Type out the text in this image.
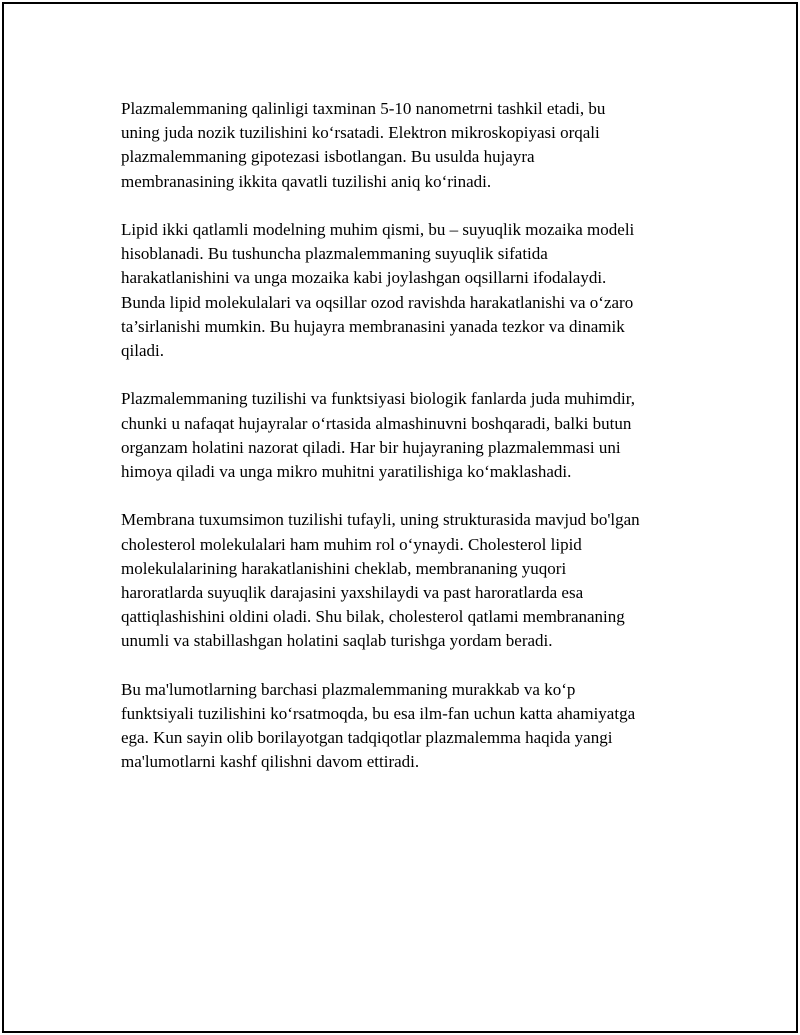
Plazmalemmaning qalinligi taxminan 5-10 nanometrni tashkil etadi, bu
uning juda nozik tuzilishini ko‘rsatadi. Elektron mikroskopiyasi orqali
plazmalemmaning gipotezasi isbotlangan. Bu usulda hujayra
membranasining ikkita qavatli tuzilishi aniq ko‘rinadi.

Lipid ikki qatlamli modelning muhim qismi, bu – suyuqlik mozaika modeli
hisoblanadi. Bu tushuncha plazmalemmaning suyuqlik sifatida
harakatlanishini va unga mozaika kabi joylashgan oqsillarni ifodalaydi.
Bunda lipid molekulalari va oqsillar ozod ravishda harakatlanishi va o‘zaro
ta’sirlanishi mumkin. Bu hujayra membranasini yanada tezkor va dinamik
qiladi.

Plazmalemmaning tuzilishi va funktsiyasi biologik fanlarda juda muhimdir,
chunki u nafaqat hujayralar o‘rtasida almashinuvni boshqaradi, balki butun
organzam holatini nazorat qiladi. Har bir hujayraning plazmalemmasi uni
himoya qiladi va unga mikro muhitni yaratilishiga ko‘maklashadi.

Membrana tuxumsimon tuzilishi tufayli, uning strukturasida mavjud bo'lgan
cholesterol molekulalari ham muhim rol o‘ynaydi. Cholesterol lipid
molekulalarining harakatlanishini cheklab, membrananing yuqori
haroratlarda suyuqlik darajasini yaxshilaydi va past haroratlarda esa
qattiqlashishini oldini oladi. Shu bilak, cholesterol qatlami membrananing
unumli va stabillashgan holatini saqlab turishga yordam beradi.

Bu ma'lumotlarning barchasi plazmalemmaning murakkab va ko‘p
funktsiyali tuzilishini ko‘rsatmoqda, bu esa ilm-fan uchun katta ahamiyatga
ega. Kun sayin olib borilayotgan tadqiqotlar plazmalemma haqida yangi
ma'lumotlarni kashf qilishni davom ettiradi.
